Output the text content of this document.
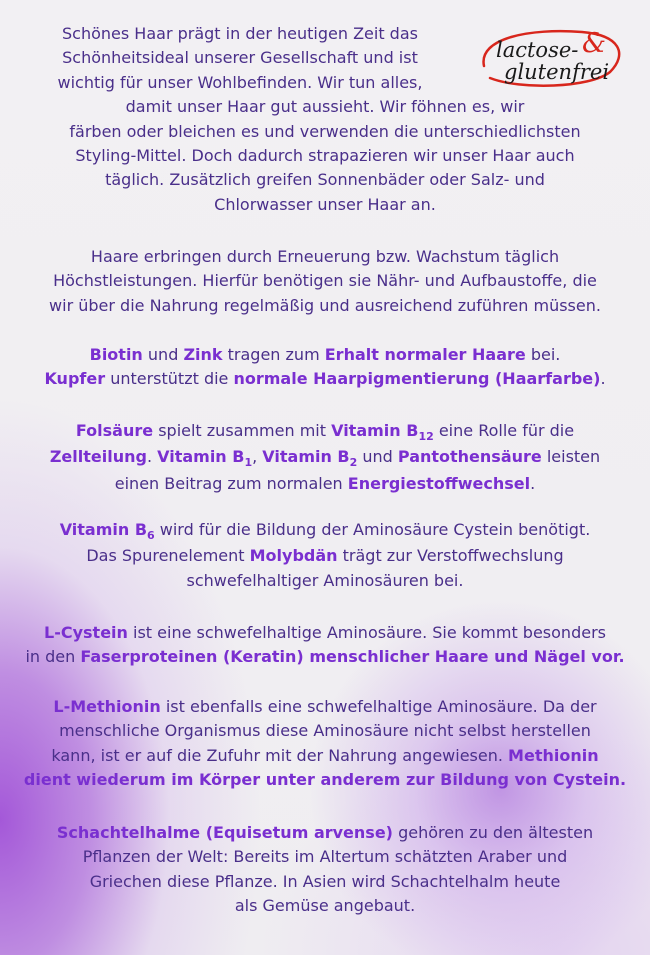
lactose- &
glutenfrei
Schönes Haar prägt in der heutigen Zeit das
Schönheitsideal unserer Gesellschaft und ist
wichtig für unser Wohlbefinden. Wir tun alles,
damit unser Haar gut aussieht. Wir föhnen es, wir
färben oder bleichen es und verwenden die unterschiedlichsten
Styling-Mittel. Doch dadurch strapazieren wir unser Haar auch
täglich. Zusätzlich greifen Sonnenbäder oder Salz- und
Chlorwasser unser Haar an.
Haare erbringen durch Erneuerung bzw. Wachstum täglich
Höchstleistungen. Hierfür benötigen sie Nähr- und Aufbaustoffe, die
wir über die Nahrung regelmäßig und ausreichend zuführen müssen.
Biotin und Zink tragen zum Erhalt normaler Haare bei.
Kupfer unterstützt die normale Haarpigmentierung (Haarfarbe).
Folsäure spielt zusammen mit Vitamin $B_{12}$ eine Rolle für die
Zellteilung. Vitamin $B_1$, Vitamin $B_2$ und Pantothensäure leisten
einen Beitrag zum normalen Energiestoffwechsel.
Vitamin $B_6$ wird für die Bildung der Aminosäure Cystein benötigt.
Das Spurenelement Molybdän trägt zur Verstoffwechslung
schwefelhaltiger Aminosäuren bei.
L-Cystein ist eine schwefelhaltige Aminosäure. Sie kommt besonders
in den Faserproteinen (Keratin) menschlicher Haare und Nägel vor.
L-Methionin ist ebenfalls eine schwefelhaltige Aminosäure. Da der
menschliche Organismus diese Aminosäure nicht selbst herstellen
kann, ist er auf die Zufuhr mit der Nahrung angewiesen. Methionin
dient wiederum im Körper unter anderem zur Bildung von Cystein.
Schachtelhalme (Equisetum arvense) gehören zu den ältesten
Pflanzen der Welt: Bereits im Altertum schätzten Araber und
Griechen diese Pflanze. In Asien wird Schachtelhalm heute
als Gemüse angebaut.
